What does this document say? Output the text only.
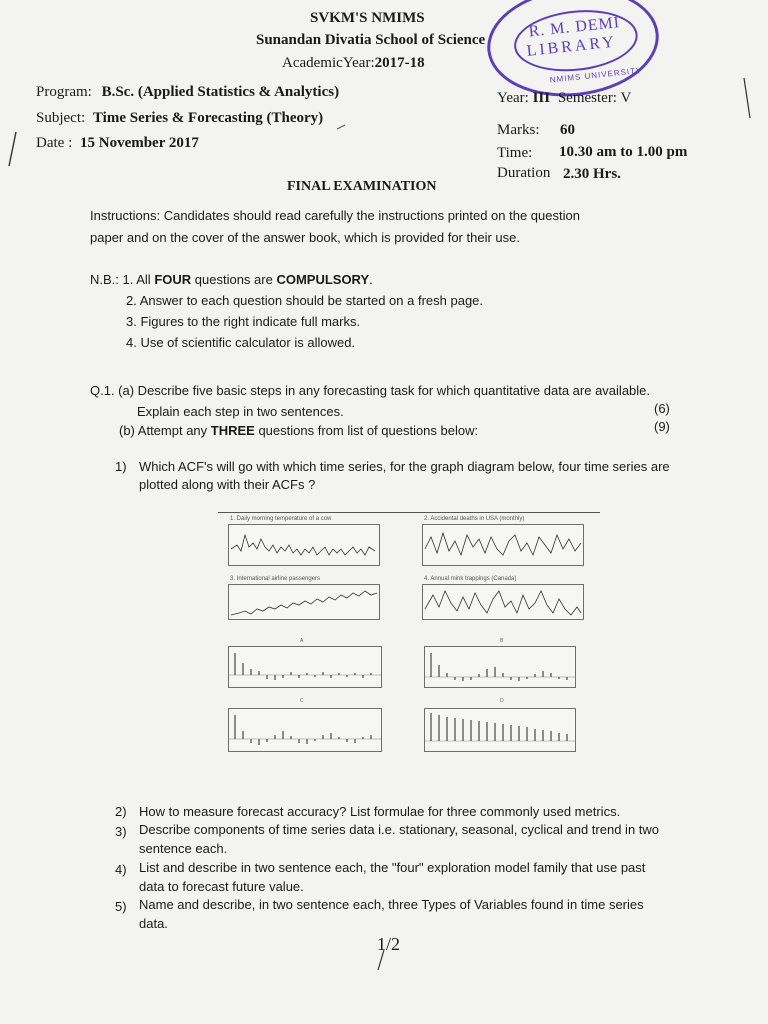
SVKM'S NMIMS
Sunandan Divatia School of Science
AcademicYear:2017-18
R. M. DEMI
LIBRARY
NMIMS UNIVERSITY
Program: B.Sc. (Applied Statistics & Analytics)
Subject: Time Series & Forecasting (Theory)
Date : 15 November 2017
Year: III Semester: V
Marks: 60
Time: 10.30 am to 1.00 pm
Duration 2.30 Hrs.
FINAL EXAMINATION
Instructions: Candidates should read carefully the instructions printed on the question
paper and on the cover of the answer book, which is provided for their use.
N.B.: 1. All FOUR questions are COMPULSORY.
2. Answer to each question should be started on a fresh page.
3. Figures to the right indicate full marks.
4. Use of scientific calculator is allowed.
Q.1. (a) Describe five basic steps in any forecasting task for which quantitative data are available.
Explain each step in two sentences.	(6)
(b) Attempt any THREE questions from list of questions below:	(9)
1) Which ACF's will go with which time series, for the graph diagram below, four time series are
plotted along with their ACFs ?
1. Daily morning temperature of a cow	2. Accidental deaths in USA (monthly)
3. International airline passengers	4. Annual mink trappings (Canada)
A	B
C	D
2) How to measure forecast accuracy? List formulae for three commonly used metrics.
3) Describe components of time series data i.e. stationary, seasonal, cyclical and trend in two
sentence each.
4) List and describe in two sentence each, the "four" exploration model family that use past
data to forecast future value.
5) Name and describe, in two sentence each, three Types of Variables found in time series
data.
1/2
